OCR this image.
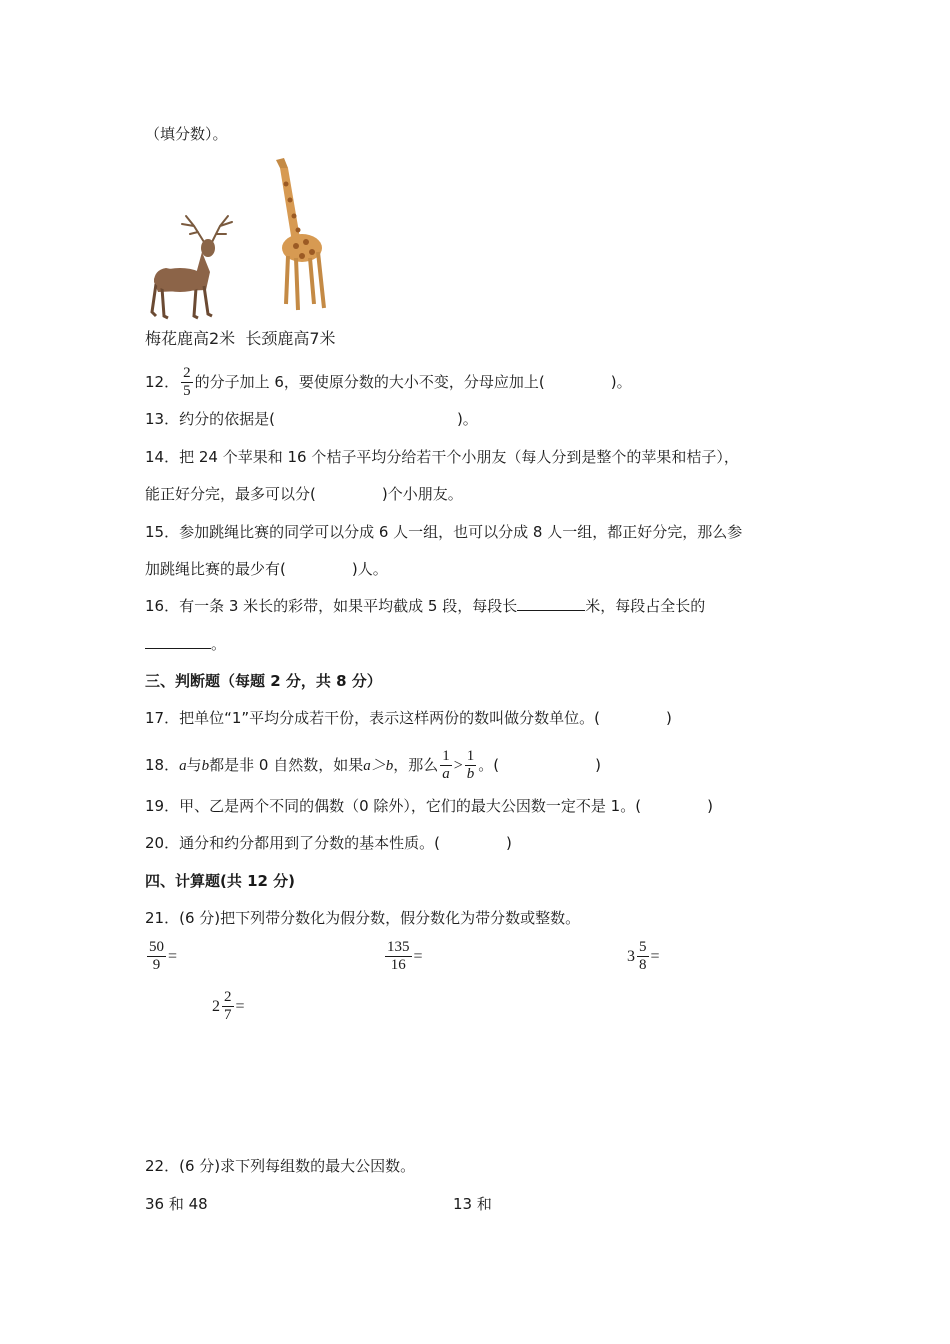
（填分数）。
梅花鹿高2米 长颈鹿高7米
12． $\frac{2}{5}$ 的分子加上 6，要使原分数的大小不变，分母应加上(	)。
13．约分的依据是(	)。
14．把 24 个苹果和 16 个桔子平均分给若干个小朋友（每人分到是整个的苹果和桔子），
能正好分完，最多可以分(	)个小朋友。
15．参加跳绳比赛的同学可以分成 6 人一组，也可以分成 8 人一组，都正好分完，那么参
加跳绳比赛的最少有(	)人。
16．有一条 3 米长的彩带，如果平均截成 5 段，每段长	米，每段占全长的
。
三、判断题（每题 2 分，共 8 分）
17．把单位“1”平均分成若干份，表示这样两份的数叫做分数单位。(	)
18．a与b都是非 0 自然数，如果a＞b，那么 $\frac{1}{a} > \frac{1}{b}$ 。(	)
19．甲、乙是两个不同的偶数（0 除外），它们的最大公因数一定不是 1。(	)
20．通分和约分都用到了分数的基本性质。(	)
四、计算题(共 12 分)
21．(6 分)把下列带分数化为假分数，假分数化为带分数或整数。
$\frac{50}{9}$ =	$\frac{135}{16}$ =	$3 \frac{5}{8}$ =
$2 \frac{2}{7}$ =
22．(6 分)求下列每组数的最大公因数。
36 和 48	13 和
